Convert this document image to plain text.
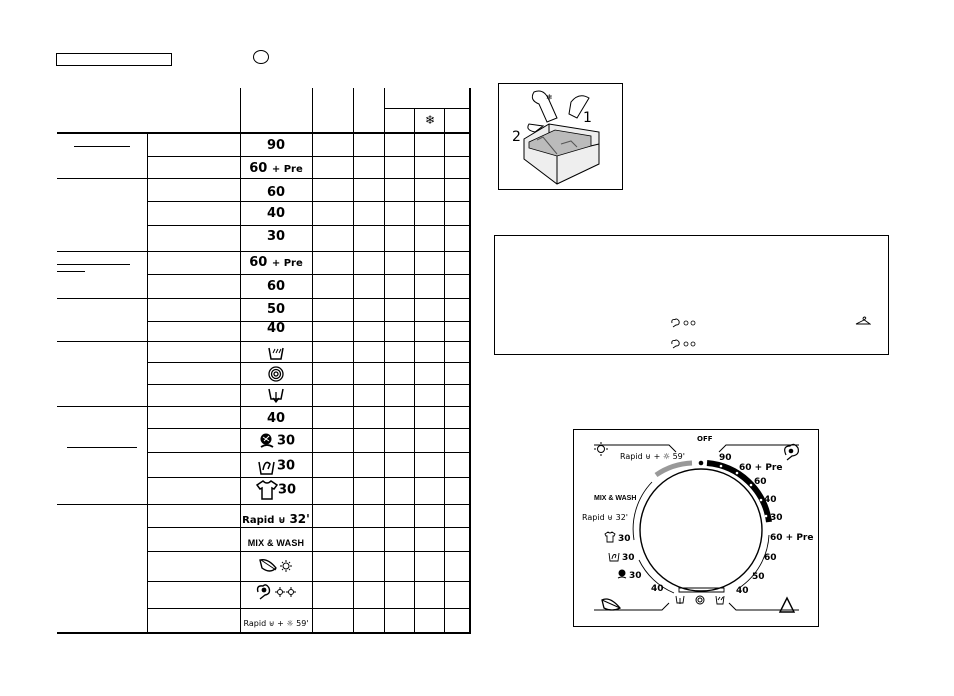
❄
90
60 + Pre
60
40
30
60 + Pre
60
50
40
40
30
30
30
Rapid ⊎ 32'
MIX & WASH
Rapid ⊎ + ☼ 59'
❄
1
2
OFF
90
60 + Pre
60
40
30
60 + Pre
60
50
40
Rapid ⊎ + ☼ 59'
MIX & WASH
Rapid ⊎ 32'
30
30
30
40
